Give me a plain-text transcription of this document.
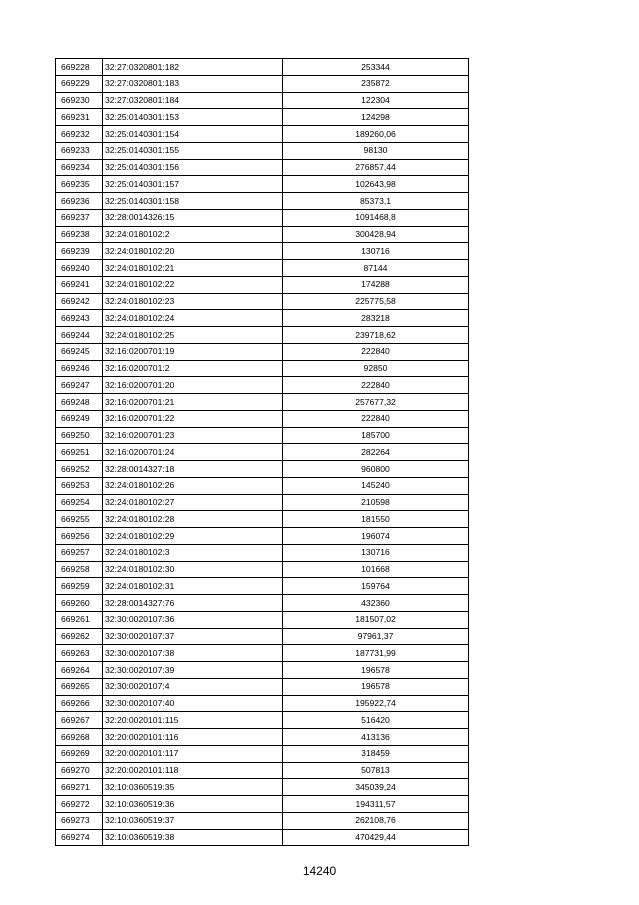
669228	32:27:0320801:182	253344
669229	32:27:0320801:183	235872
669230	32:27:0320801:184	122304
669231	32:25:0140301:153	124298
669232	32:25:0140301:154	189260,06
669233	32:25:0140301:155	98130
669234	32:25:0140301:156	276857,44
669235	32:25:0140301:157	102643,98
669236	32:25:0140301:158	85373,1
669237	32:28:0014326:15	1091468,8
669238	32:24:0180102:2	300428,94
669239	32:24:0180102:20	130716
669240	32:24:0180102:21	87144
669241	32:24:0180102:22	174288
669242	32:24:0180102:23	225775,58
669243	32:24:0180102:24	283218
669244	32:24:0180102:25	239718,62
669245	32:16:0200701:19	222840
669246	32:16:0200701:2	92850
669247	32:16:0200701:20	222840
669248	32:16:0200701:21	257677,32
669249	32:16:0200701:22	222840
669250	32:16:0200701:23	185700
669251	32:16:0200701:24	282264
669252	32:28:0014327:18	960800
669253	32:24:0180102:26	145240
669254	32:24:0180102:27	210598
669255	32:24:0180102:28	181550
669256	32:24:0180102:29	196074
669257	32:24:0180102:3	130716
669258	32:24:0180102:30	101668
669259	32:24:0180102:31	159764
669260	32:28:0014327:76	432360
669261	32:30:0020107:36	181507,02
669262	32:30:0020107:37	97961,37
669263	32:30:0020107:38	187731,99
669264	32:30:0020107:39	196578
669265	32:30:0020107:4	196578
669266	32:30:0020107:40	195922,74
669267	32:20:0020101:115	516420
669268	32:20:0020101:116	413136
669269	32:20:0020101:117	318459
669270	32:20:0020101:118	507813
669271	32:10:0360519:35	345039,24
669272	32:10:0360519:36	194311,57
669273	32:10:0360519:37	262108,76
669274	32:10:0360519:38	470429,44
14240
